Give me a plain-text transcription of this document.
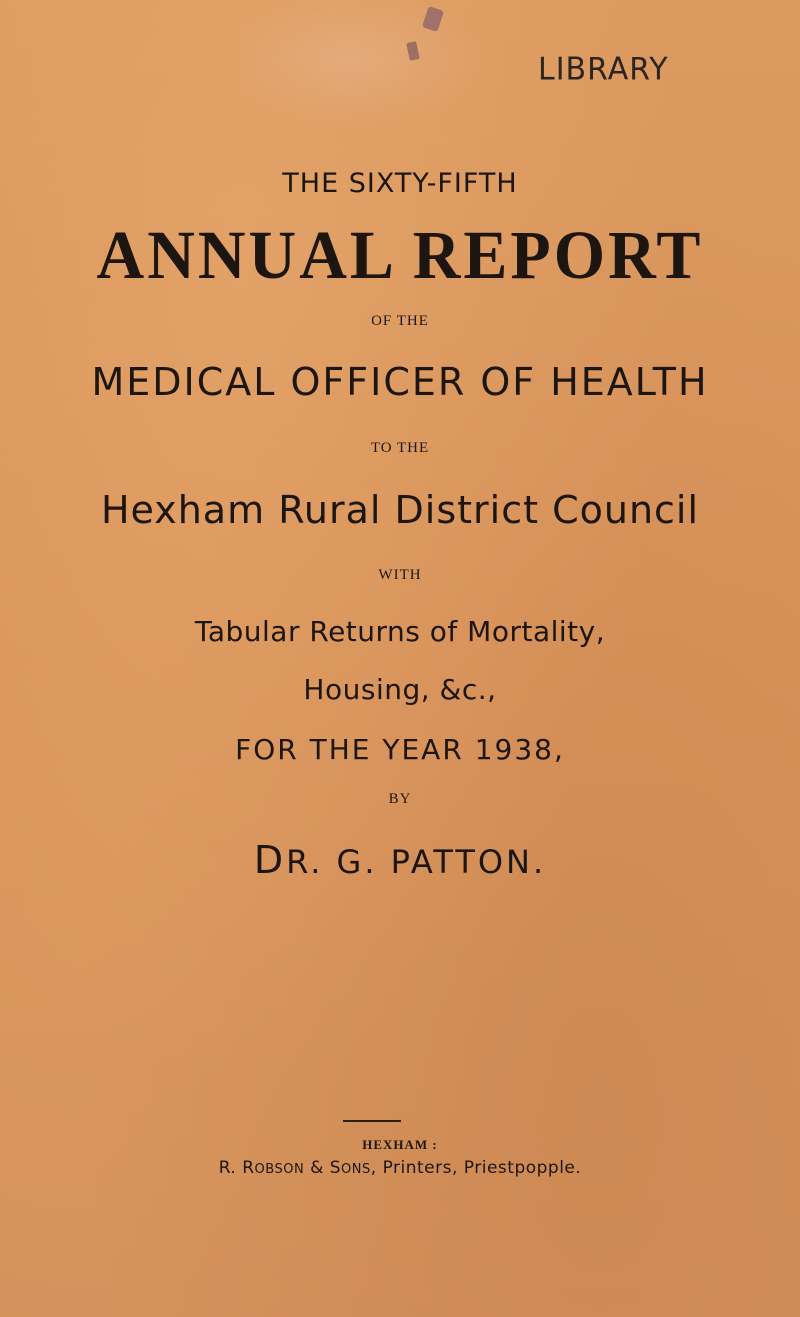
LIBRARY
THE SIXTY-FIFTH
ANNUAL REPORT
OF THE
MEDICAL OFFICER OF HEALTH
TO THE
Hexham Rural District Council
WITH
Tabular Returns of Mortality,
Housing, &c.,
FOR THE YEAR 1938,
BY
DR. G. PATTON.
HEXHAM :
R. ROBSON & SONS, Printers, Priestpopple.
